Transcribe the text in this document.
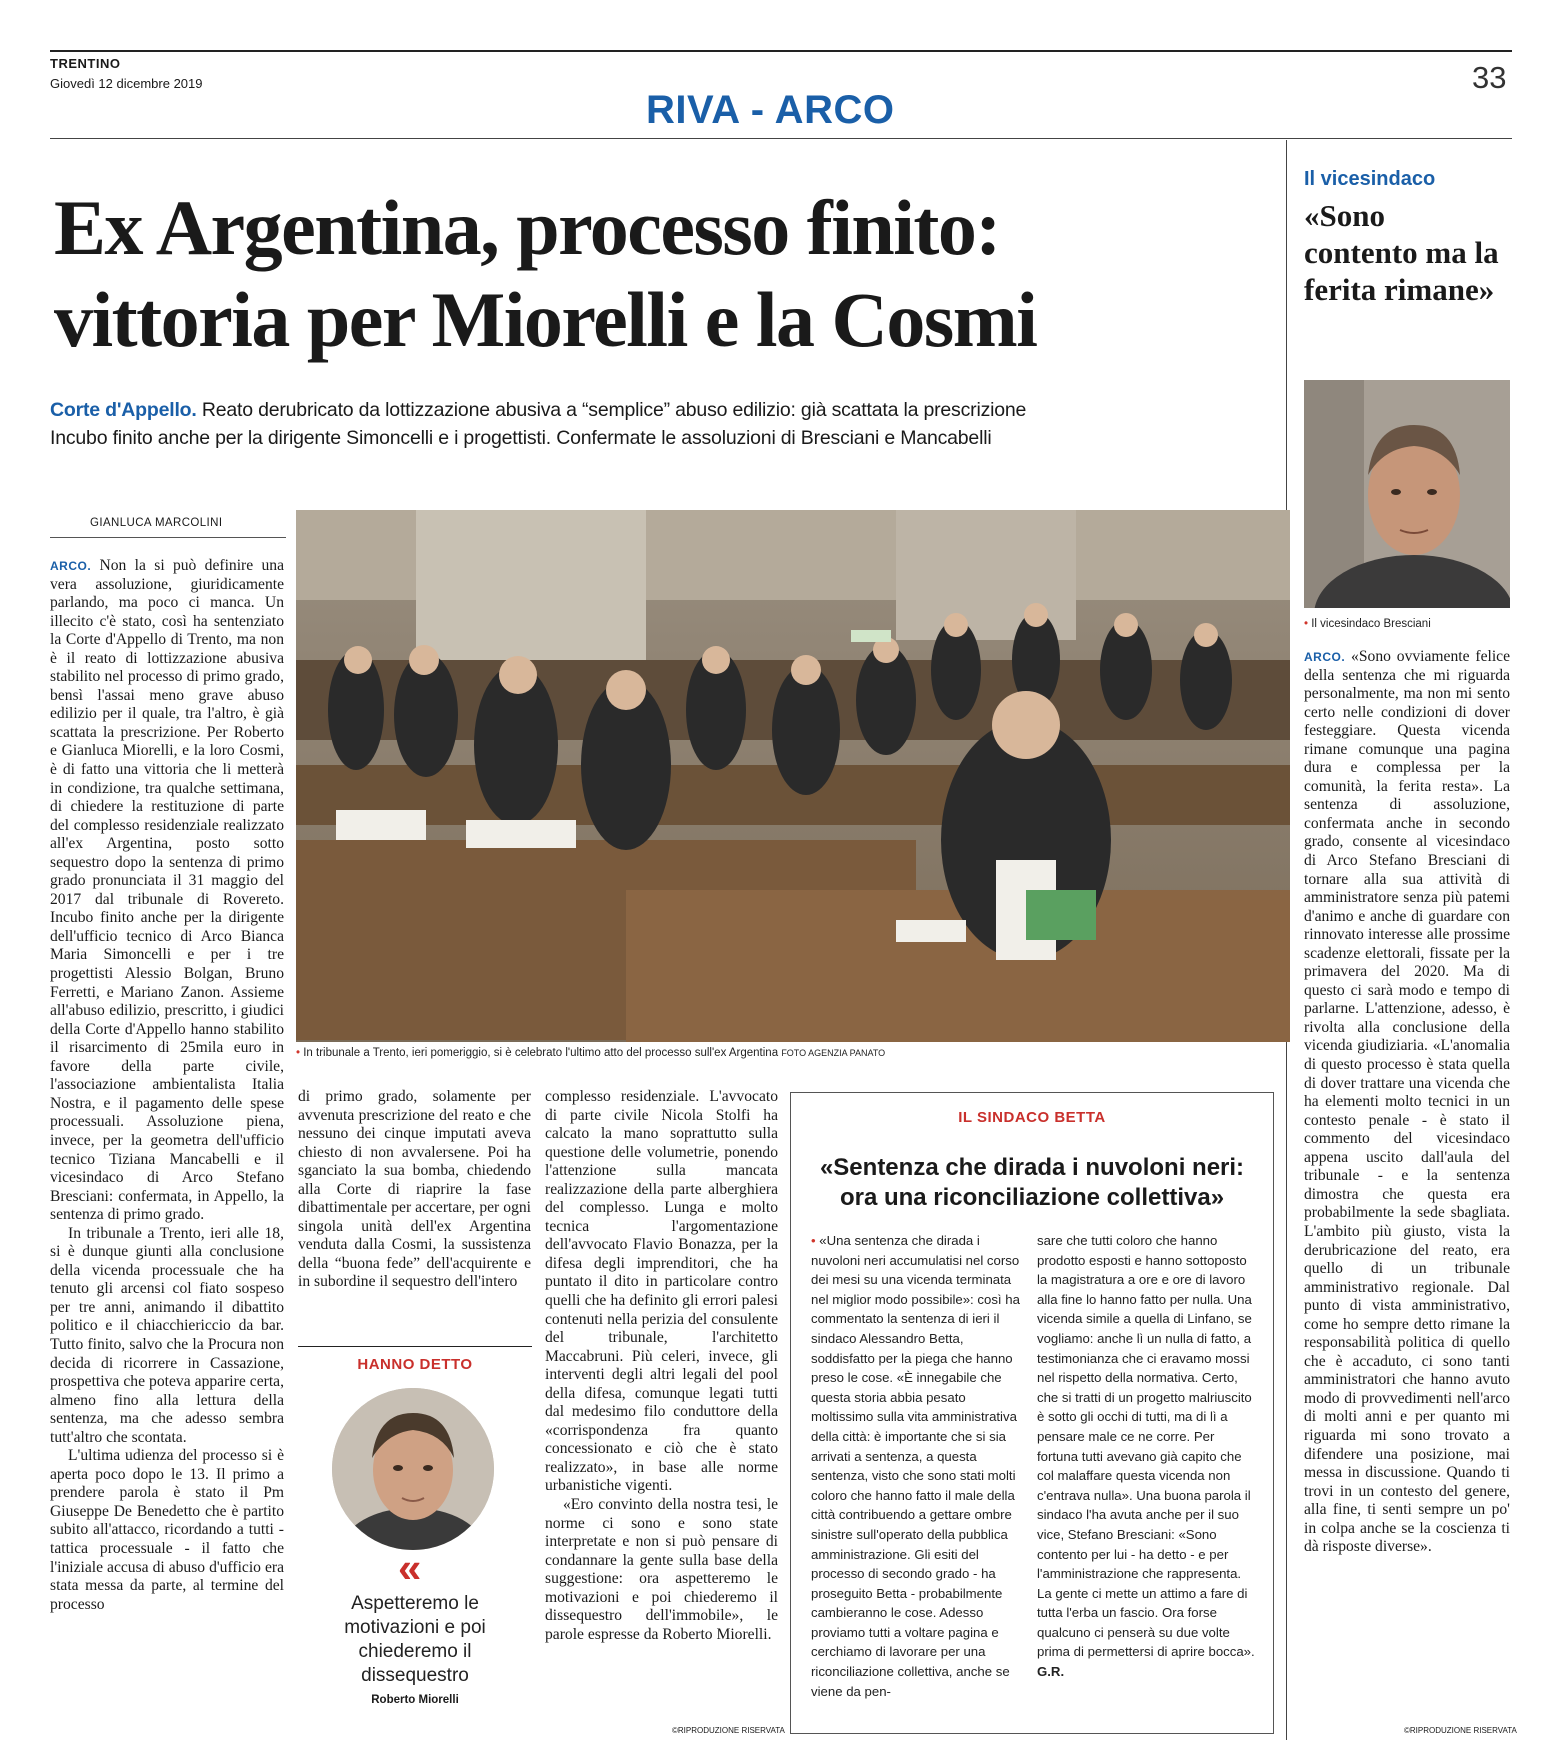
TRENTINO
Giovedì 12 dicembre 2019	33
RIVA - ARCO
Ex Argentina, processo finito:
vittoria per Miorelli e la Cosmi
Corte d'Appello. Reato derubricato da lottizzazione abusiva a “semplice” abuso edilizio: già scattata la prescrizione
Incubo finito anche per la dirigente Simoncelli e i progettisti. Confermate le assoluzioni di Bresciani e Mancabelli
GIANLUCA MARCOLINI
• In tribunale a Trento, ieri pomeriggio, si è celebrato l'ultimo atto del processo sull'ex Argentina FOTO AGENZIA PANATO

ARCO. Non la si può definire una vera assoluzione, giuridicamente parlando, ma poco ci manca. Un illecito c'è stato, così ha sentenziato la Corte d'Appello di Trento, ma non è il reato di lottizzazione abusiva stabilito nel processo di primo grado, bensì l'assai meno grave abuso edilizio per il quale, tra l'altro, è già scattata la prescrizione. Per Roberto e Gianluca Miorelli, e la loro Cosmi, è di fatto una vittoria che li metterà in condizione, tra qualche settimana, di chiedere la restituzione di parte del complesso residenziale realizzato all'ex Argentina, posto sotto sequestro dopo la sentenza di primo grado pronunciata il 31 maggio del 2017 dal tribunale di Rovereto. Incubo finito anche per la dirigente dell'ufficio tecnico di Arco Bianca Maria Simoncelli e per i tre progettisti Alessio Bolgan, Bruno Ferretti, e Mariano Zanon. Assieme all'abuso edilizio, prescritto, i giudici della Corte d'Appello hanno stabilito il risarcimento di 25mila euro in favore della parte civile, l'associazione ambientalista Italia Nostra, e il pagamento delle spese processuali. Assoluzione piena, invece, per la geometra dell'ufficio tecnico Tiziana Mancabelli e il vicesindaco di Arco Stefano Bresciani: confermata, in Appello, la sentenza di primo grado.

In tribunale a Trento, ieri alle 18, si è dunque giunti alla conclusione della vicenda processuale che ha tenuto gli arcensi col fiato sospeso per tre anni, animando il dibattito politico e il chiacchiericcio da bar. Tutto finito, salvo che la Procura non decida di ricorrere in Cassazione, prospettiva che poteva apparire certa, almeno fino alla lettura della sentenza, ma che adesso sembra tutt'altro che scontata.

L'ultima udienza del processo si è aperta poco dopo le 13. Il primo a prendere parola è stato il Pm Giuseppe De Benedetto che è partito subito all'attacco, ricordando a tutti - tattica processuale - il fatto che l'iniziale accusa di abuso d'ufficio era stata messa da parte, al termine del processo

di primo grado, solamente per avvenuta prescrizione del reato e che nessuno dei cinque imputati aveva chiesto di non avvalersene. Poi ha sganciato la sua bomba, chiedendo alla Corte di riaprire la fase dibattimentale per accertare, per ogni singola unità dell'ex Argentina venduta dalla Cosmi, la sussistenza della “buona fede” dell'acquirente e in subordine il sequestro dell'intero

HANNO DETTO
«
Aspetteremo le motivazioni e poi chiederemo il dissequestro
Roberto Miorelli

complesso residenziale. L'avvocato di parte civile Nicola Stolfi ha calcato la mano soprattutto sulla questione delle volumetrie, ponendo l'attenzione sulla mancata realizzazione della parte alberghiera del complesso. Lunga e molto tecnica l'argomentazione dell'avvocato Flavio Bonazza, per la difesa degli imprenditori, che ha puntato il dito in particolare contro quelli che ha definito gli errori palesi contenuti nella perizia del consulente del tribunale, l'architetto Maccabruni. Più celeri, invece, gli interventi degli altri legali del pool della difesa, comunque legati tutti dal medesimo filo conduttore della «corrispondenza fra quanto concessionato e ciò che è stato realizzato», in base alle norme urbanistiche vigenti.

«Ero convinto della nostra tesi, le norme ci sono e sono state interpretate e non si può pensare di condannare la gente sulla base della suggestione: ora aspetteremo le motivazioni e poi chiederemo il dissequestro dell'immobile», le parole espresse da Roberto Miorelli.

©RIPRODUZIONE RISERVATA
IL SINDACO BETTA
«Sentenza che dirada i nuvoloni neri:
ora una riconciliazione collettiva»
• «Una sentenza che dirada i nuvoloni neri accumulatisi nel corso dei mesi su una vicenda terminata nel miglior modo possibile»: così ha commentato la sentenza di ieri il sindaco Alessandro Betta, soddisfatto per la piega che hanno preso le cose. «È innegabile che questa storia abbia pesato moltissimo sulla vita amministrativa della città: è importante che si sia arrivati a sentenza, a questa sentenza, visto che sono stati molti coloro che hanno fatto il male della città contribuendo a gettare ombre sinistre sull'operato della pubblica amministrazione. Gli esiti del processo di secondo grado - ha proseguito Betta - probabilmente cambieranno le cose. Adesso proviamo tutti a voltare pagina e cerchiamo di lavorare per una riconciliazione collettiva, anche se viene da pen-
sare che tutti coloro che hanno prodotto esposti e hanno sottoposto la magistratura a ore e ore di lavoro alla fine lo hanno fatto per nulla. Una vicenda simile a quella di Linfano, se vogliamo: anche lì un nulla di fatto, a testimonianza che ci eravamo mossi nel rispetto della normativa. Certo, che si tratti di un progetto malriuscito è sotto gli occhi di tutti, ma di lì a pensare male ce ne corre. Per fortuna tutti avevano già capito che col malaffare questa vicenda non c'entrava nulla». Una buona parola il sindaco l'ha avuta anche per il suo vice, Stefano Bresciani: «Sono contento per lui - ha detto - e per l'amministrazione che rappresenta. La gente ci mette un attimo a fare di tutta l'erba un fascio. Ora forse qualcuno ci penserà su due volte prima di permettersi di aprire bocca». G.R.
Il vicesindaco
«Sono contento ma la ferita rimane»
• Il vicesindaco Bresciani

ARCO. «Sono ovviamente felice della sentenza che mi riguarda personalmente, ma non mi sento certo nelle condizioni di dover festeggiare. Questa vicenda rimane comunque una pagina dura e complessa per la comunità, la ferita resta». La sentenza di assoluzione, confermata anche in secondo grado, consente al vicesindaco di Arco Stefano Bresciani di tornare alla sua attività di amministratore senza più patemi d'animo e anche di guardare con rinnovato interesse alle prossime scadenze elettorali, fissate per la primavera del 2020. Ma di questo ci sarà modo e tempo di parlarne. L'attenzione, adesso, è rivolta alla conclusione della vicenda giudiziaria. «L'anomalia di questo processo è stata quella di dover trattare una vicenda che ha elementi molto tecnici in un contesto penale - è stato il commento del vicesindaco appena uscito dall'aula del tribunale - e la sentenza dimostra che questa era probabilmente la sede sbagliata. L'ambito più giusto, vista la derubricazione del reato, era quello di un tribunale amministrativo regionale. Dal punto di vista amministrativo, come ho sempre detto rimane la responsabilità politica di quello che è accaduto, ci sono tanti amministratori che hanno avuto modo di provvedimenti nell'arco di molti anni e per quanto mi riguarda mi sono trovato a difendere una posizione, mai messa in discussione. Quando ti trovi in un contesto del genere, alla fine, ti senti sempre un po' in colpa anche se la coscienza ti dà risposte diverse».

©RIPRODUZIONE RISERVATA
